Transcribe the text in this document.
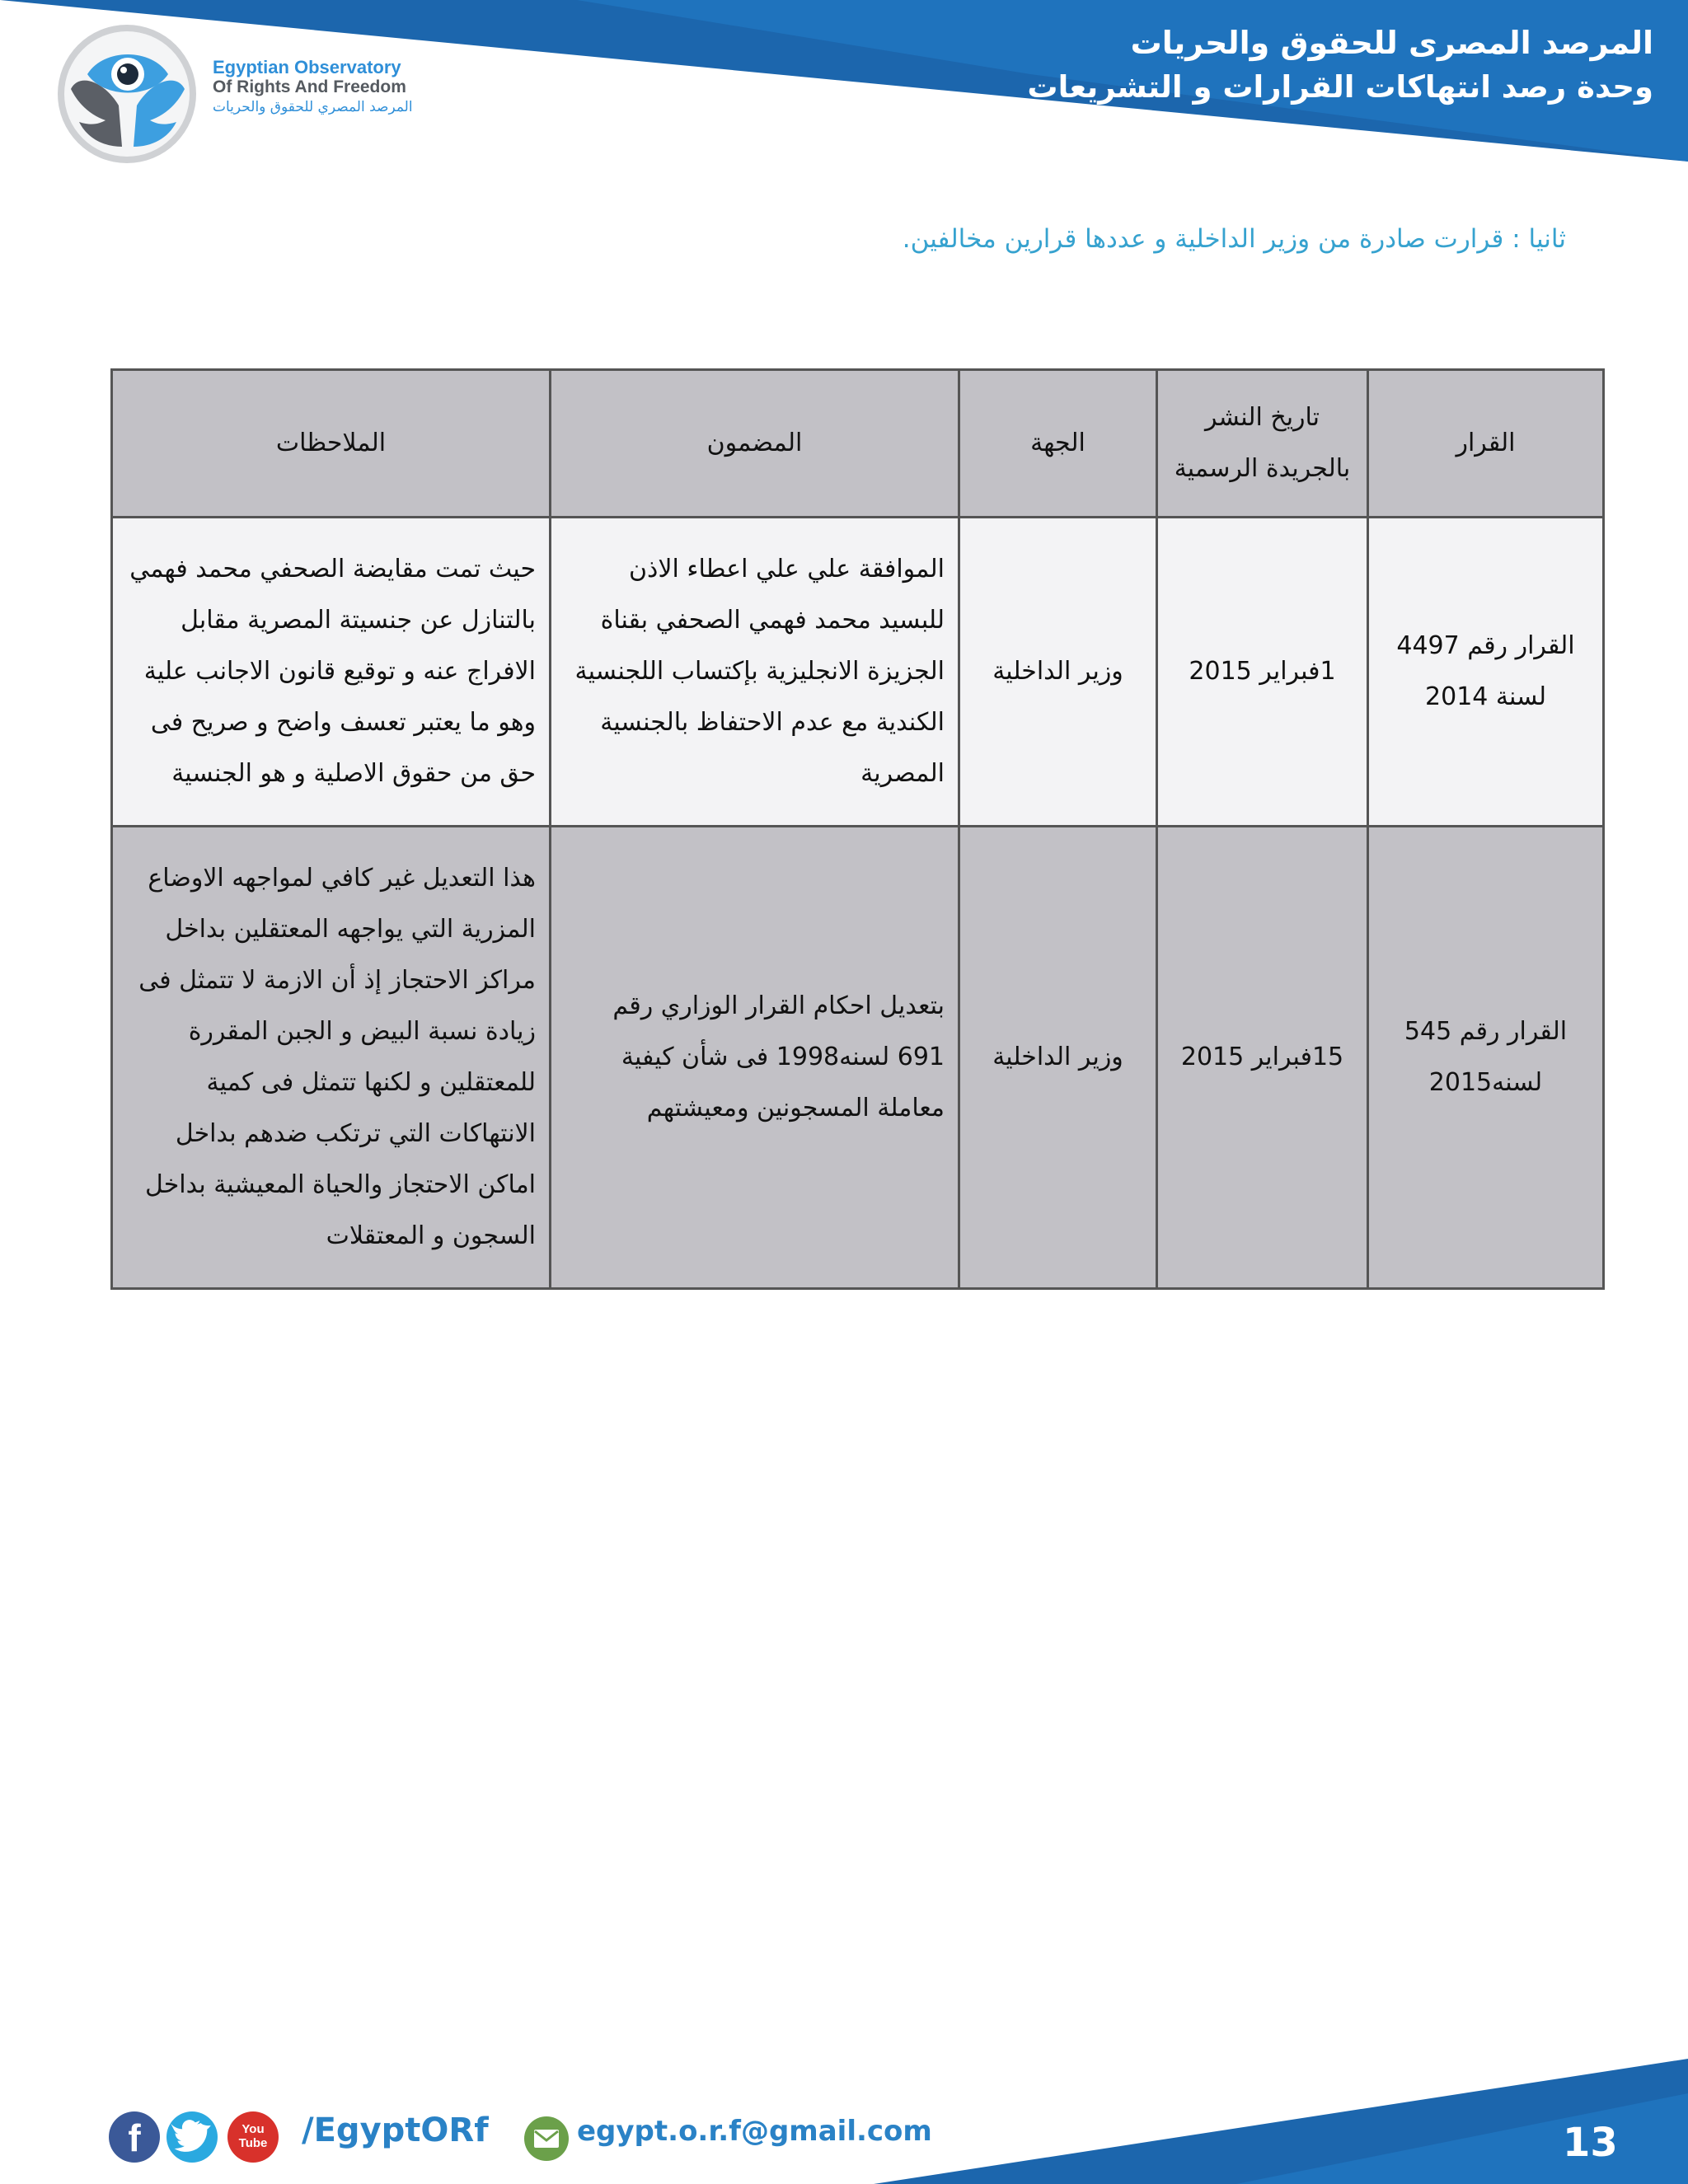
المرصد المصرى للحقوق والحريات
وحدة رصد انتهاكات القرارات و التشريعات
Egyptian Observatory
Of Rights And Freedom
المرصد المصري للحقوق والحريات
ثانيا : قرارت صادرة من وزير الداخلية و عددها قرارين مخالفين.
القرار	تاريخ النشر بالجريدة الرسمية	الجهة	المضمون	الملاحظات
القرار رقم 4497 لسنة 2014	1فبراير 2015	وزير الداخلية	الموافقة علي علي اعطاء الاذن للبسيد محمد فهمي الصحفي بقناة الجزيزة الانجليزية بإكتساب اللجنسية الكندية مع عدم الاحتفاظ بالجنسية المصرية	حيث تمت مقايضة الصحفي محمد فهمي بالتنازل عن جنسيتة المصرية مقابل الافراج عنه و توقيع قانون الاجانب علية وهو ما يعتبر تعسف واضح و صريح فى حق من حقوق الاصلية و هو الجنسية
القرار رقم 545 لسنه2015	15فبراير 2015	وزير الداخلية	بتعديل احكام القرار الوزاري رقم 691 لسنه1998 فى شأن كيفية معاملة المسجونين ومعيشتهم	هذا التعديل غير كافي لمواجهه الاوضاع المزرية التي يواجهه المعتقلين بداخل مراكز الاحتجاز إذ أن الازمة لا تتمثل فى زيادة نسبة البيض و الجبن المقررة للمعتقلين و لكنها تتمثل فى كمية الانتهاكات التي ترتكب ضدهم بداخل اماكن الاحتجاز والحياة المعيشية بداخل السجون و المعتقلات
f	You Tube	/EgyptORf	egypt.o.r.f@gmail.com	13
